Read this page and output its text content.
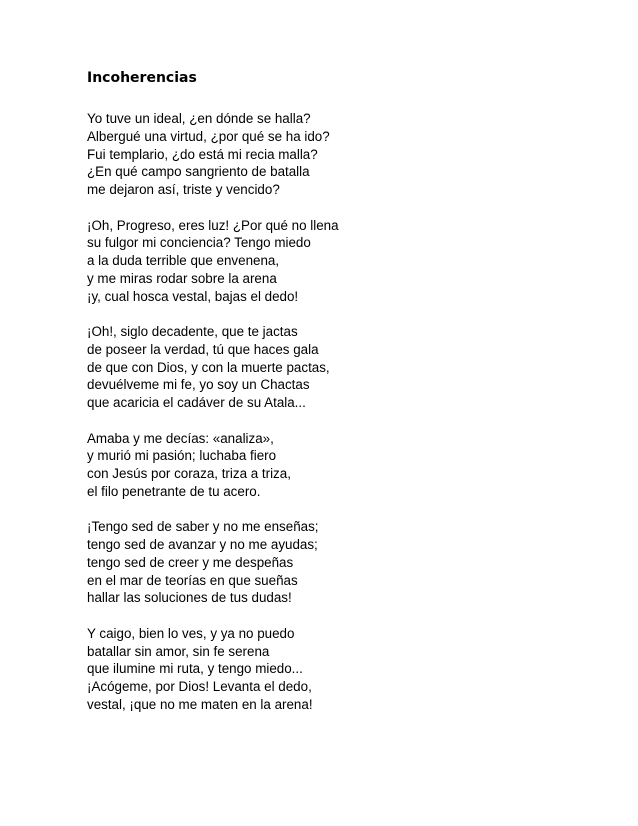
Incoherencias
Yo tuve un ideal, ¿en dónde se halla?
Albergué una virtud, ¿por qué se ha ido?
Fui templario, ¿do está mi recia malla?
¿En qué campo sangriento de batalla
me dejaron así, triste y vencido?
¡Oh, Progreso, eres luz! ¿Por qué no llena
su fulgor mi conciencia? Tengo miedo
a la duda terrible que envenena,
y me miras rodar sobre la arena
¡y, cual hosca vestal, bajas el dedo!
¡Oh!, siglo decadente, que te jactas
de poseer la verdad, tú que haces gala
de que con Dios, y con la muerte pactas,
devuélveme mi fe, yo soy un Chactas
que acaricia el cadáver de su Atala...
Amaba y me decías: «analiza»,
y murió mi pasión; luchaba fiero
con Jesús por coraza, triza a triza,
el filo penetrante de tu acero.
¡Tengo sed de saber y no me enseñas;
tengo sed de avanzar y no me ayudas;
tengo sed de creer y me despeñas
en el mar de teorías en que sueñas
hallar las soluciones de tus dudas!
Y caigo, bien lo ves, y ya no puedo
batallar sin amor, sin fe serena
que ilumine mi ruta, y tengo miedo...
¡Acógeme, por Dios! Levanta el dedo,
vestal, ¡que no me maten en la arena!
